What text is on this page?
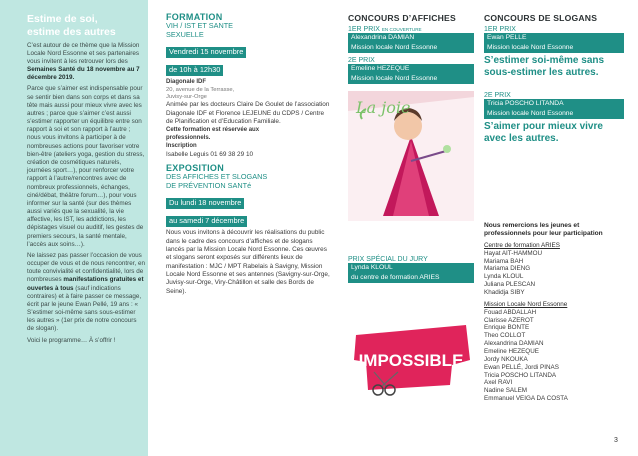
Estime de soi,
estime des autres

C’est autour de ce thème que la Mission Locale Nord Essonne et ses partenaires vous invitent à les retrouver lors des Semaines Santé du 18 novembre au 7 décembre 2019.

Parce que s’aimer est indispensable pour se sentir bien dans son corps et dans sa tête mais aussi pour mieux vivre avec les autres ; parce que s’aimer c’est aussi s’estimer rapporter un équilibre entre son rapport à soi et son rapport à l’autre ; nous vous invitons à participer à de nombreuses actions pour favoriser votre bien-être (ateliers yoga, gestion du stress, création de cosmétiques naturels, journées sport…), pour renforcer votre rapport à l’autre/rencontres avec de nombreux professionnels, échanges, ciné/débat, théâtre forum…), pour vous informer sur la santé (sur des thèmes aussi variés que la sexualité, la vie affective, les IST, les addictions, les dépistages visuel ou auditif, les gestes de premiers secours, la santé mentale, l’accès aux soins…).

Ne laissez pas passer l’occasion de vous occuper de vous et de nous rencontrer, en toute convivialité et confidentialité, lors de nombreuses manifestations gratuites et ouvertes à tous (sauf indications contraires) et à faire passer ce message, écrit par le jeune Ewan Pellé, 19 ans : « S’estimer soi-même sans sous-estimer les autres » (1er prix de notre concours de slogan).

Voici le programme… À s’offrir !

FORMATION
VIH / IST ET SANTE
SEXUELLE
Vendredi 15 novembre
de 10h à 12h30
Diagonale IDF
20, avenue de la Terrasse,
Juvisy-sur-Orge

Animée par les docteurs Claire De Goulet de l’association Diagonale IDF et Florence LEJEUNE du CDPS / Centre de Planification et d’Education Familiale.

Cette formation est réservée aux professionnels.

Inscription
Isabelle Leguis 01 69 38 29 10
EXPOSITION
DES AFFICHES ET SLOGANS
DE PRÉVENTION SANTé
Du lundi 18 novembre
au samedi 7 décembre

Nous vous invitons à découvrir les réalisations du public dans le cadre des concours d’affiches et de slogans lancés par la Mission Locale Nord Essonne. Ces œuvres et slogans seront exposés sur différents lieux de manifestation : MJC / MPT Rabelais à Savigny, Mission Locale Nord Essonne et ses antennes (Savigny-sur-Orge, Juvisy-sur-Orge, Viry-Châtillon et salle des Bords de Seine).

CONCOURS D’AFFICHES
1ER PRIX EN COUVERTURE
Alexandrina DAMIAN
Mission locale Nord Essonne
2E PRIX
Emeline HEZEQUE
Mission locale Nord Essonne
La joie
PRIX SPÉCIAL DU JURY
Lynda KLOUL
du centre de formation ARIES
IMPOSSIBLE
CONCOURS DE SLOGANS
1ER PRIX
Ewan PELLE
Mission locale Nord Essonne
S’estimer soi-même sans sous-estimer les autres.
2E PRIX
Tricia POSCHO LITANDA
Mission locale Nord Essonne
S’aimer pour mieux vivre avec les autres.
Nous remercions les jeunes et professionnels pour leur participation
Centre de formation ARIES
Hayat AIT-HAMMOU
Mariama BAH
Mariama DIENG
Lynda KLOUL
Juliana PLESCAN
Khadidja SIBY
Mission Locale Nord Essonne
Fouad ABDALLAH
Clarisse AZEROT
Enrique BONTE
Theo COLLOT
Alexandrina DAMIAN
Emeline HEZEQUE
Jordy NKOUKA
Ewan PELLÉ, Jordi PINAS
Tricia POSCHO LITANDA
Axel RAVI
Nadine SALEM
Emmanuel VEIGA DA COSTA
3
